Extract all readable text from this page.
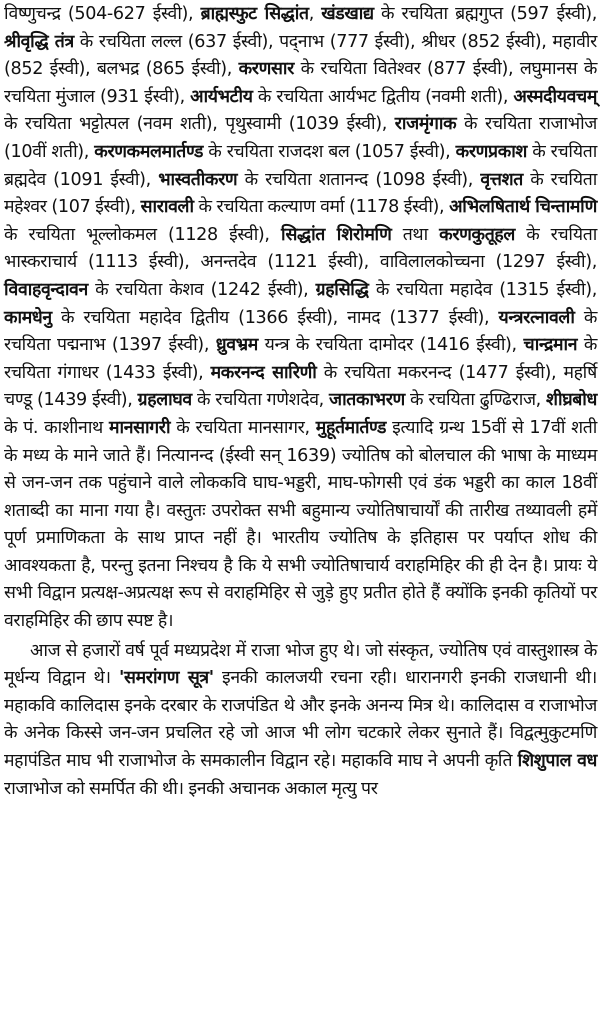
विष्णुचन्द्र (504-627 ईस्वी), ब्राह्मस्फुट सिद्धांत, खंडखाद्य के रचयिता ब्रह्मगुप्त (597 ईस्वी), श्रीवृद्धि तंत्र के रचयिता लल्ल (637 ईस्वी), पद्नाभ (777 ईस्वी), श्रीधर (852 ईस्वी), महावीर (852 ईस्वी), बलभद्र (865 ईस्वी), करणसार के रचयिता वितेश्वर (877 ईस्वी), लघुमानस के रचयिता मुंजाल (931 ईस्वी), आर्यभटीय के रचयिता आर्यभट द्वितीय (नवमी शती), अस्मदीयवचम् के रचयिता भट्टोत्पल (नवम शती), पृथुस्वामी (1039 ईस्वी), राजमृंगाक के रचयिता राजाभोज (10वीं शती), करणकमलमार्तण्ड के रचयिता राजदश बल (1057 ईस्वी), करणप्रकाश के रचयिता ब्रह्मदेव (1091 ईस्वी), भास्वतीकरण के रचयिता शतानन्द (1098 ईस्वी), वृत्तशत के रचयिता महेश्वर (107 ईस्वी), सारावली के रचयिता कल्याण वर्मा (1178 ईस्वी), अभिलषितार्थ चिन्तामणि के रचयिता भूल्लोकमल (1128 ईस्वी), सिद्धांत शिरोमणि तथा करणकुतूहल के रचयिता भास्कराचार्य (1113 ईस्वी), अनन्तदेव (1121 ईस्वी), वाविलालकोच्चना (1297 ईस्वी), विवाहवृन्दावन के रचयिता केशव (1242 ईस्वी), ग्रहसिद्धि के रचयिता महादेव (1315 ईस्वी), कामधेनु के रचयिता महादेव द्वितीय (1366 ईस्वी), नामद (1377 ईस्वी), यन्त्ररत्नावली के रचयिता पद्मनाभ (1397 ईस्वी), ध्रुवभ्रम यन्त्र के रचयिता दामोदर (1416 ईस्वी), चान्द्रमान के रचयिता गंगाधर (1433 ईस्वी), मकरनन्द सारिणी के रचयिता मकरनन्द (1477 ईस्वी), महर्षि चण्डू (1439 ईस्वी), ग्रहलाघव के रचयिता गणेशदेव, जातकाभरण के रचयिता ढुण्ढिराज, शीघ्रबोध के पं. काशीनाथ मानसागरी के रचयिता मानसागर, मुहूर्तमार्तण्ड इत्यादि ग्रन्थ 15वीं से 17वीं शती के मध्य के माने जाते हैं। नित्यानन्द (ईस्वी सन् 1639) ज्योतिष को बोलचाल की भाषा के माध्यम से जन-जन तक पहुंचाने वाले लोककवि घाघ-भड्डरी, माघ-फोगसी एवं डंक भड्डरी का काल 18वीं शताब्दी का माना गया है। वस्तुतः उपरोक्त सभी बहुमान्य ज्योतिषाचार्यों की तारीख तथ्यावली हमें पूर्ण प्रमाणिकता के साथ प्राप्त नहीं है। भारतीय ज्योतिष के इतिहास पर पर्याप्त शोध की आवश्यकता है, परन्तु इतना निश्चय है कि ये सभी ज्योतिषाचार्य वराहमिहिर की ही देन है। प्रायः ये सभी विद्वान प्रत्यक्ष-अप्रत्यक्ष रूप से वराहमिहिर से जुड़े हुए प्रतीत होते हैं क्योंकि इनकी कृतियों पर वराहमिहिर की छाप स्पष्ट है।

आज से हजारों वर्ष पूर्व मध्यप्रदेश में राजा भोज हुए थे। जो संस्कृत, ज्योतिष एवं वास्तुशास्त्र के मूर्धन्य विद्वान थे। 'समरांगण सूत्र' इनकी कालजयी रचना रही। धारानगरी इनकी राजधानी थी। महाकवि कालिदास इनके दरबार के राजपंडित थे और इनके अनन्य मित्र थे। कालिदास व राजाभोज के अनेक किस्से जन-जन प्रचलित रहे जो आज भी लोग चटकारे लेकर सुनाते हैं। विद्वत्मुकुटमणि महापंडित माघ भी राजाभोज के समकालीन विद्वान रहे। महाकवि माघ ने अपनी कृति शिशुपाल वध राजाभोज को समर्पित की थी। इनकी अचानक अकाल मृत्यु पर
